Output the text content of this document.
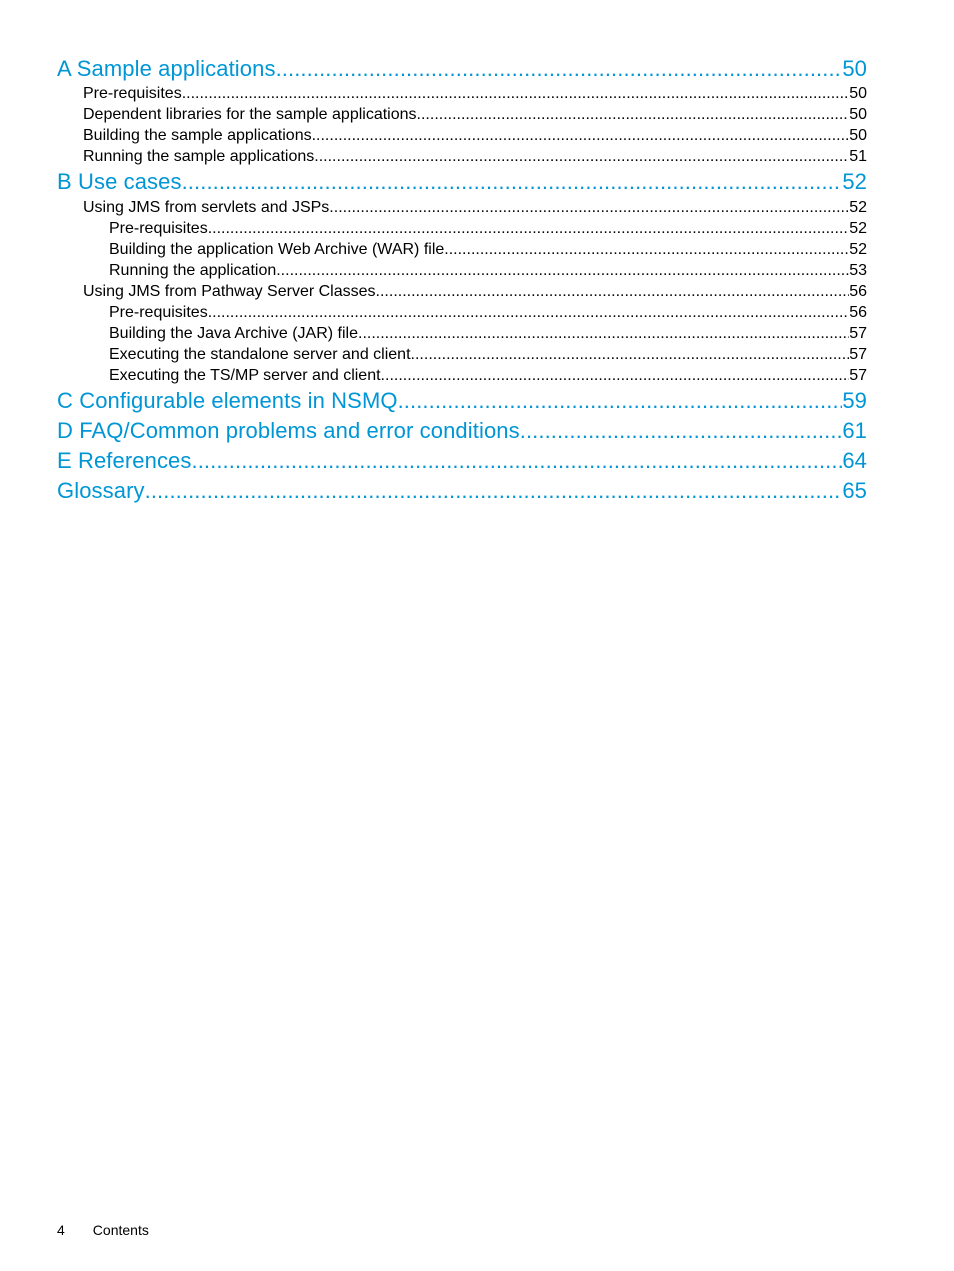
A Sample applications .....	50
Pre-requisites .....	50
Dependent libraries for the sample applications .....	50
Building the sample applications .....	50
Running the sample applications .....	51
B Use cases .....	52
Using JMS from servlets and JSPs .....	52
Pre-requisites .....	52
Building the application Web Archive (WAR) file .....	52
Running the application .....	53
Using JMS from Pathway Server Classes .....	56
Pre-requisites .....	56
Building the Java Archive (JAR) file .....	57
Executing the standalone server and client .....	57
Executing the TS/MP server and client .....	57
C Configurable elements in NSMQ .....	59
D FAQ/Common problems and error conditions .....	61
E References .....	64
Glossary .....	65
4 Contents
